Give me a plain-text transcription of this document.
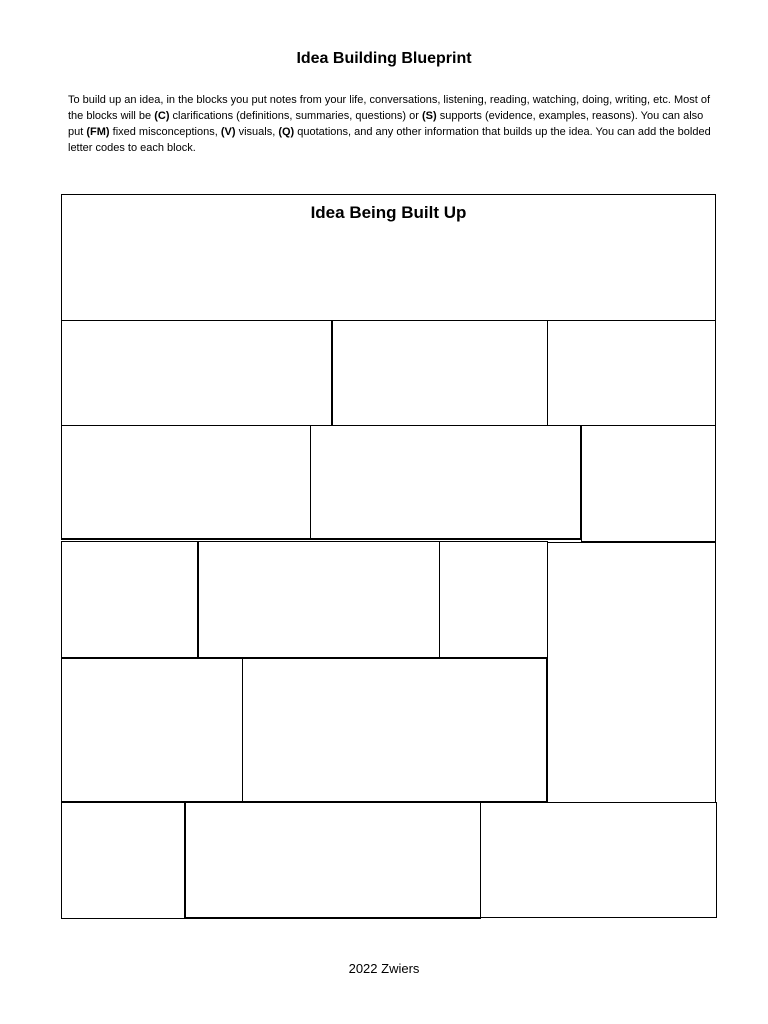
Idea Building Blueprint
To build up an idea, in the blocks you put notes from your life, conversations, listening, reading, watching, doing, writing, etc. Most of the blocks will be (C) clarifications (definitions, summaries, questions) or (S) supports (evidence, examples, reasons). You can also put (FM) fixed misconceptions, (V) visuals, (Q) quotations, and any other information that builds up the idea. You can add the bolded letter codes to each block.
Idea Being Built Up
2022 Zwiers
